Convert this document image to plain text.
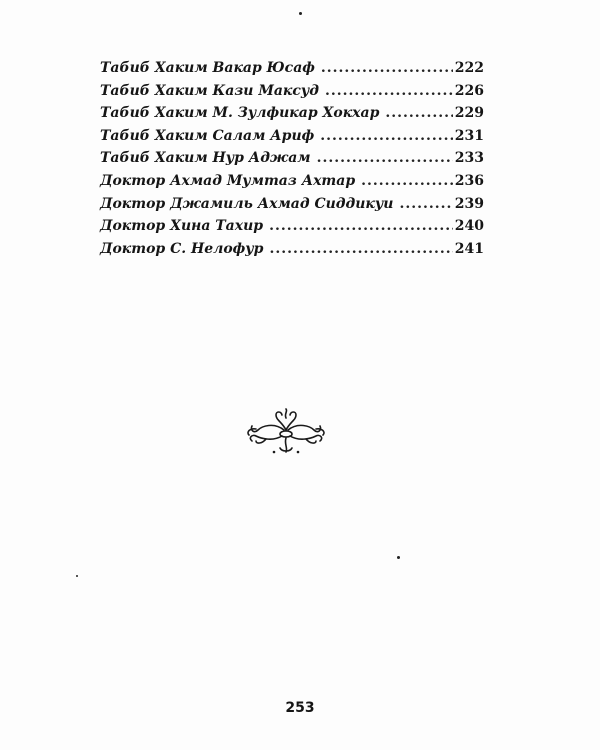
Табиб Хаким Вакар Юсаф .....	222
Табиб Хаким Кази Максуд .....	226
Табиб Хаким М. Зулфикар Хокхар .....	229
Табиб Хаким Салам Ариф .....	231
Табиб Хаким Нур Аджам .....	233
Доктор Ахмад Мумтаз Ахтар .....	236
Доктор Джамиль Ахмад Сиддикуи .....	239
Доктор Хина Тахир .....	240
Доктор С. Нелофур .....	241
253
